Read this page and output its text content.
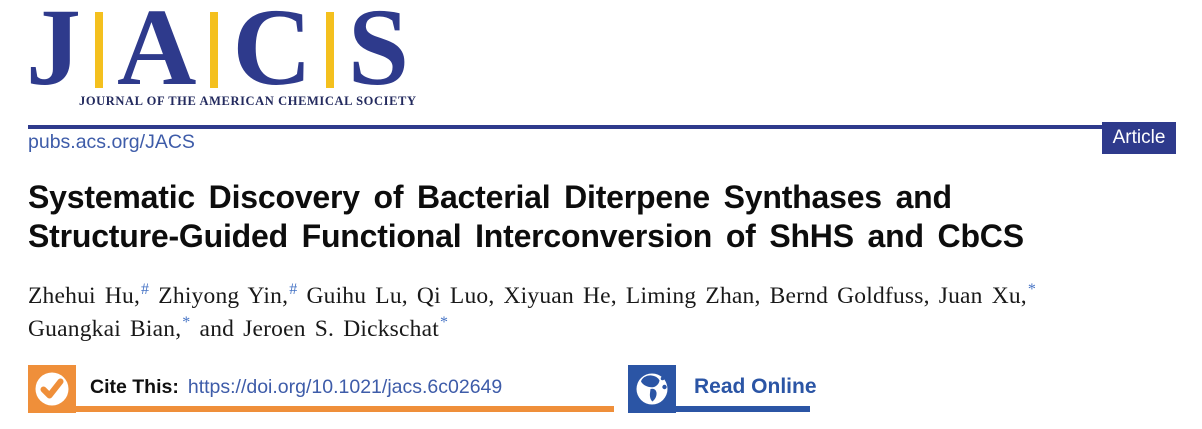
J A C S
JOURNAL OF THE AMERICAN CHEMICAL SOCIETY
Article
pubs.acs.org/JACS
Systematic Discovery of Bacterial Diterpene Synthases and
Structure-Guided Functional Interconversion of ShHS and CbCS
Zhehui Hu,# Zhiyong Yin,# Guihu Lu, Qi Luo, Xiyuan He, Liming Zhan, Bernd Goldfuss, Juan Xu,*
Guangkai Bian,* and Jeroen S. Dickschat*
Cite This: https://doi.org/10.1021/jacs.6c02649	Read Online
